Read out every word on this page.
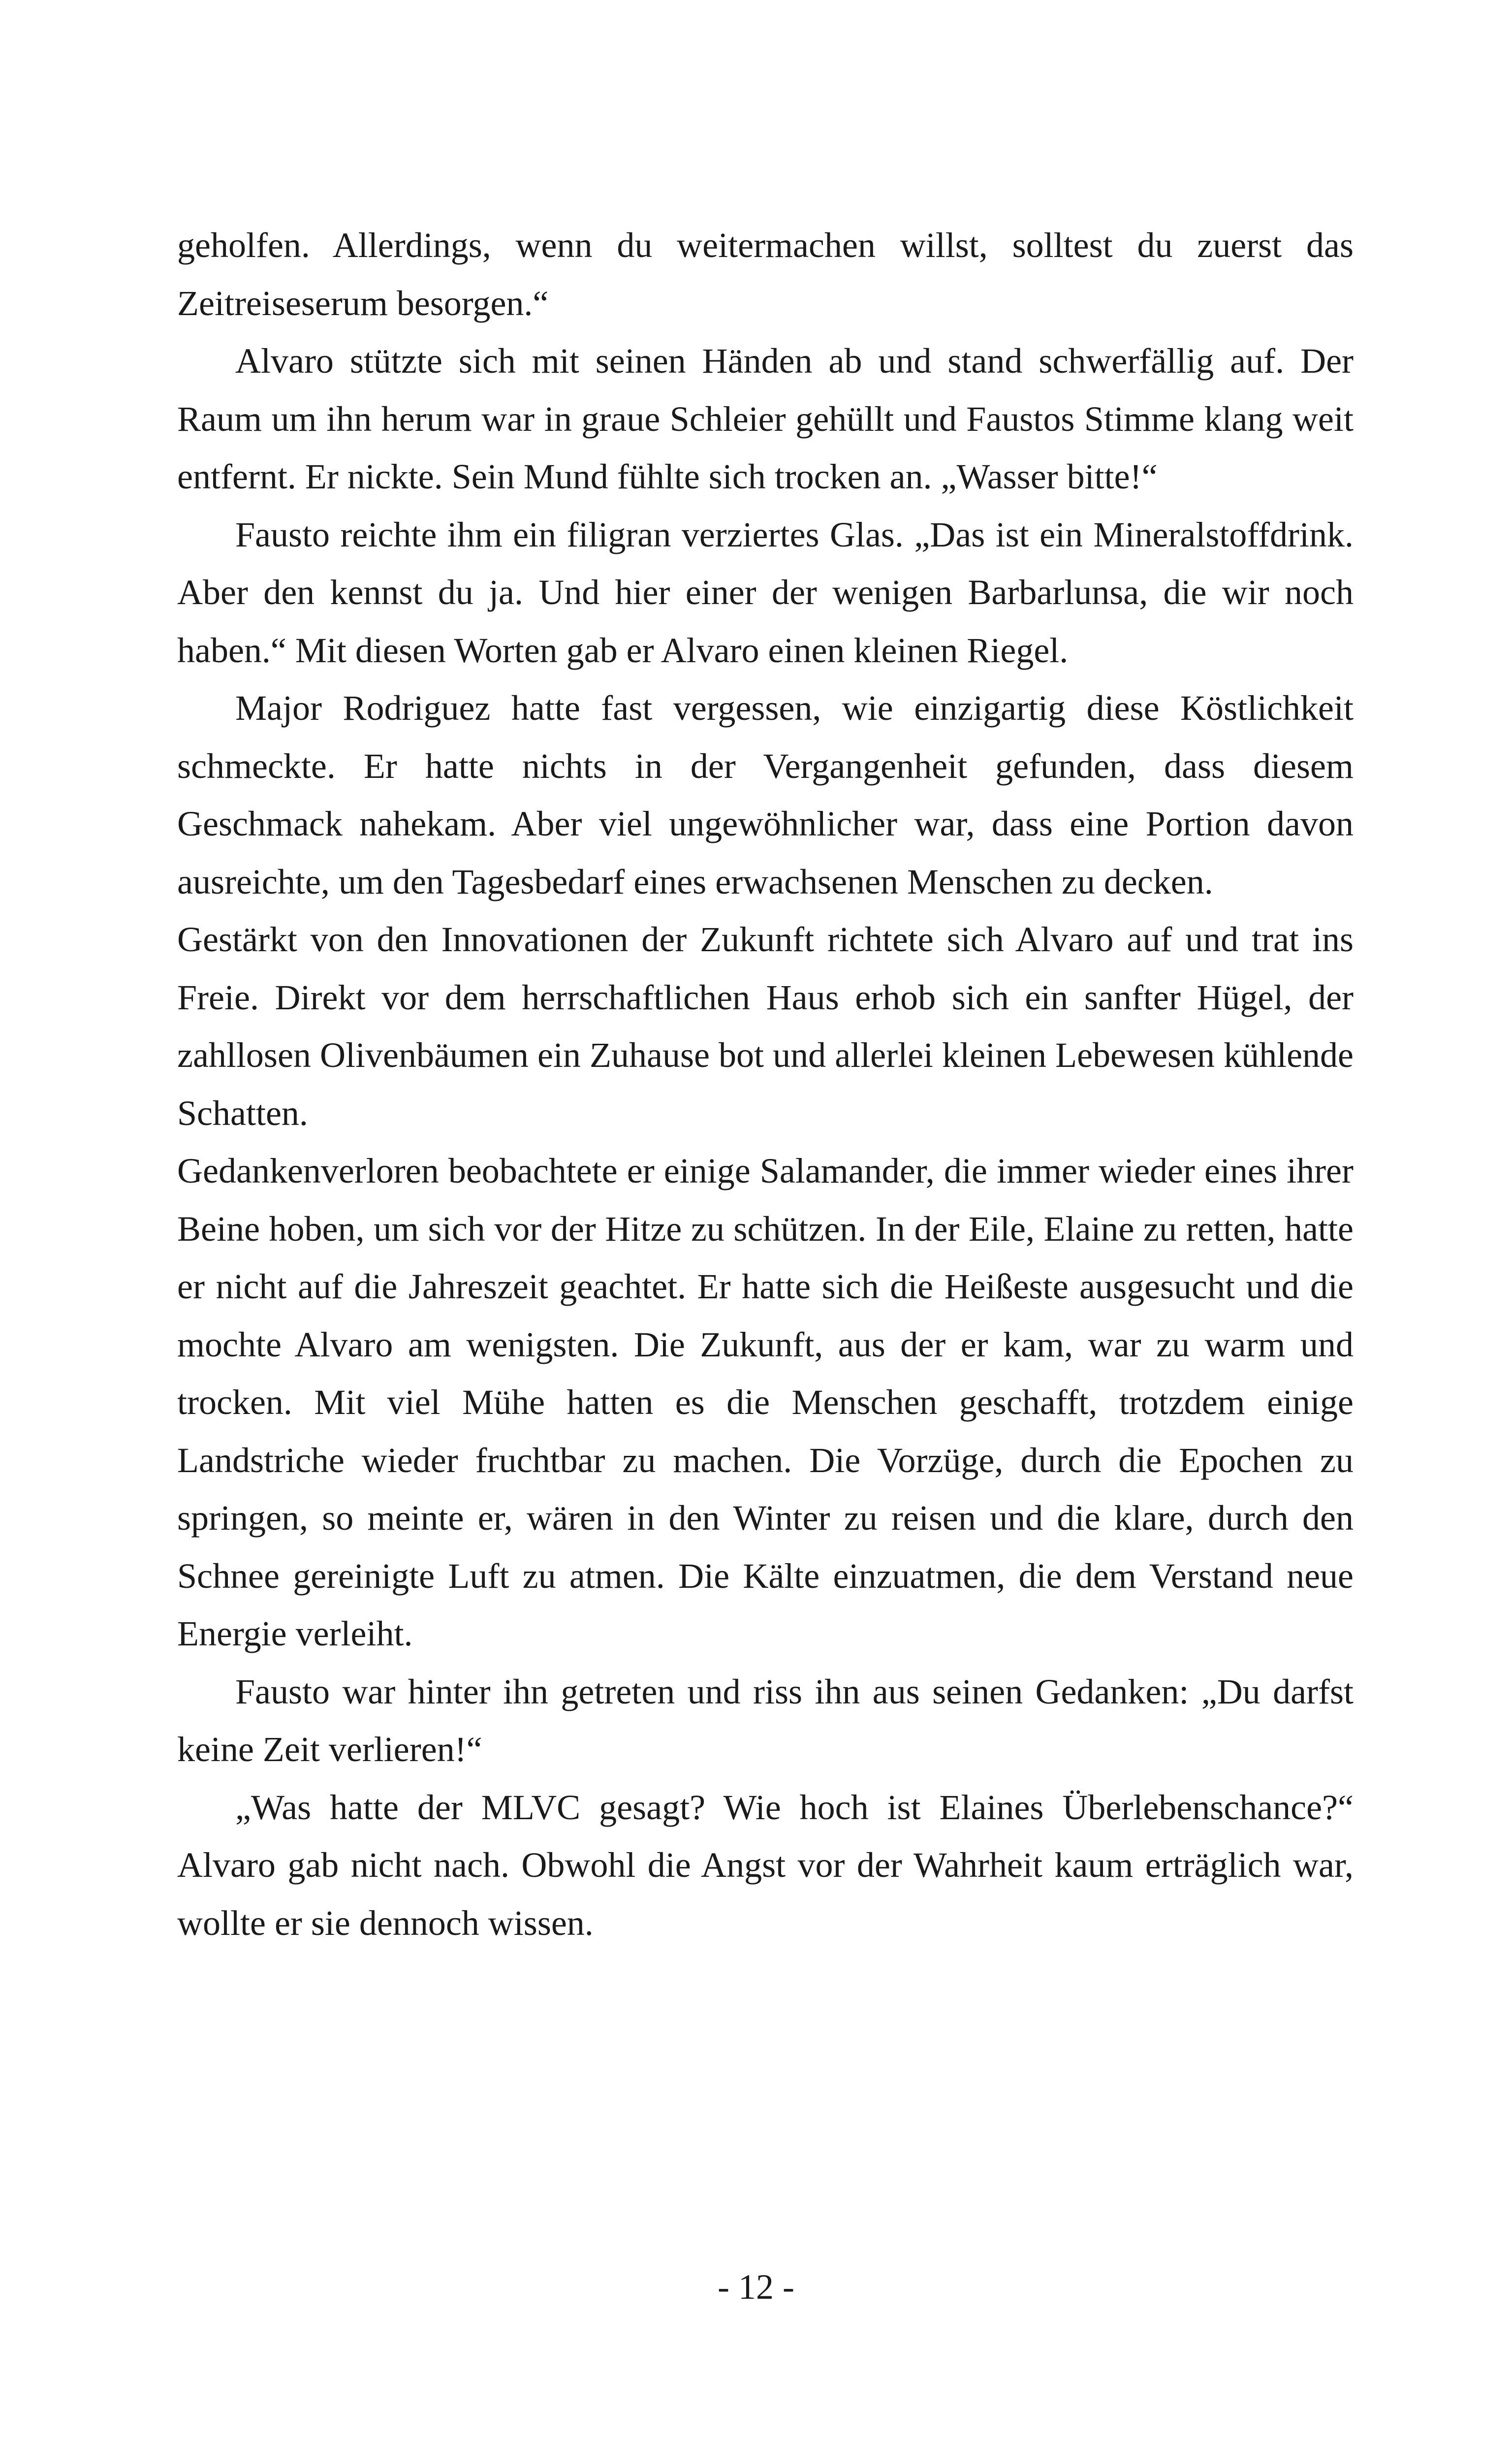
geholfen. Allerdings, wenn du weitermachen willst, solltest du zuerst das Zeitreiseserum besorgen.“

Alvaro stützte sich mit seinen Händen ab und stand schwerfällig auf. Der Raum um ihn herum war in graue Schleier gehüllt und Faustos Stimme klang weit entfernt. Er nickte. Sein Mund fühlte sich trocken an. „Wasser bitte!“

Fausto reichte ihm ein filigran verziertes Glas. „Das ist ein Mineralstoffdrink. Aber den kennst du ja. Und hier einer der wenigen Barbarlunsa, die wir noch haben.“ Mit diesen Worten gab er Alvaro einen kleinen Riegel.

Major Rodriguez hatte fast vergessen, wie einzigartig diese Köstlichkeit schmeckte. Er hatte nichts in der Vergangenheit gefunden, dass diesem Geschmack nahekam. Aber viel ungewöhnlicher war, dass eine Portion davon ausreichte, um den Tagesbedarf eines erwachsenen Menschen zu decken.

Gestärkt von den Innovationen der Zukunft richtete sich Alvaro auf und trat ins Freie. Direkt vor dem herrschaftlichen Haus erhob sich ein sanfter Hügel, der zahllosen Olivenbäumen ein Zuhause bot und allerlei kleinen Lebewesen kühlende Schatten.

Gedankenverloren beobachtete er einige Salamander, die immer wieder eines ihrer Beine hoben, um sich vor der Hitze zu schützen. In der Eile, Elaine zu retten, hatte er nicht auf die Jahreszeit geachtet. Er hatte sich die Heißeste ausgesucht und die mochte Alvaro am wenigsten. Die Zukunft, aus der er kam, war zu warm und trocken. Mit viel Mühe hatten es die Menschen geschafft, trotzdem einige Landstriche wieder fruchtbar zu machen. Die Vorzüge, durch die Epochen zu springen, so meinte er, wären in den Winter zu reisen und die klare, durch den Schnee gereinigte Luft zu atmen. Die Kälte einzuatmen, die dem Verstand neue Energie verleiht.

Fausto war hinter ihn getreten und riss ihn aus seinen Gedanken: „Du darfst keine Zeit verlieren!“

„Was hatte der MLVC gesagt? Wie hoch ist Elaines Überlebenschance?“ Alvaro gab nicht nach. Obwohl die Angst vor der Wahrheit kaum erträglich war, wollte er sie dennoch wissen.

- 12 -
